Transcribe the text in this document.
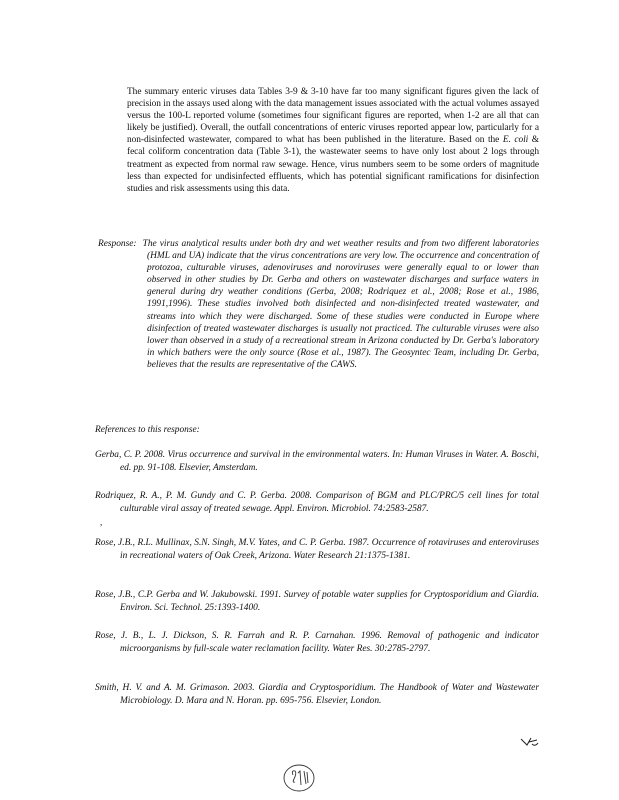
The summary enteric viruses data Tables 3-9 & 3-10 have far too many significant figures given the lack of precision in the assays used along with the data management issues associated with the actual volumes assayed versus the 100-L reported volume (sometimes four significant figures are reported, when 1-2 are all that can likely be justified). Overall, the outfall concentrations of enteric viruses reported appear low, particularly for a non-disinfected wastewater, compared to what has been published in the literature. Based on the E. coli & fecal coliform concentration data (Table 3-1), the wastewater seems to have only lost about 2 logs through treatment as expected from normal raw sewage. Hence, virus numbers seem to be some orders of magnitude less than expected for undisinfected effluents, which has potential significant ramifications for disinfection studies and risk assessments using this data.
Response: The virus analytical results under both dry and wet weather results and from two different laboratories (HML and UA) indicate that the virus concentrations are very low. The occurrence and concentration of protozoa, culturable viruses, adenoviruses and noroviruses were generally equal to or lower than observed in other studies by Dr. Gerba and others on wastewater discharges and surface waters in general during dry weather conditions (Gerba, 2008; Rodriquez et al., 2008; Rose et al., 1986, 1991,1996). These studies involved both disinfected and non-disinfected treated wastewater, and streams into which they were discharged. Some of these studies were conducted in Europe where disinfection of treated wastewater discharges is usually not practiced. The culturable viruses were also lower than observed in a study of a recreational stream in Arizona conducted by Dr. Gerba's laboratory in which bathers were the only source (Rose et al., 1987). The Geosyntec Team, including Dr. Gerba, believes that the results are representative of the CAWS.
References to this response:
Gerba, C. P. 2008. Virus occurrence and survival in the environmental waters. In: Human Viruses in Water. A. Boschi, ed. pp. 91-108. Elsevier, Amsterdam.
Rodriquez, R. A., P. M. Gundy and C. P. Gerba. 2008. Comparison of BGM and PLC/PRC/5 cell lines for total culturable viral assay of treated sewage. Appl. Environ. Microbiol. 74:2583-2587.
,
Rose, J.B., R.L. Mullinax, S.N. Singh, M.V. Yates, and C. P. Gerba. 1987. Occurrence of rotaviruses and enteroviruses in recreational waters of Oak Creek, Arizona. Water Research 21:1375-1381.
Rose, J.B., C.P. Gerba and W. Jakubowski. 1991. Survey of potable water supplies for Cryptosporidium and Giardia. Environ. Sci. Technol. 25:1393-1400.
Rose, J. B., L. J. Dickson, S. R. Farrah and R. P. Carnahan. 1996. Removal of pathogenic and indicator microorganisms by full-scale water reclamation facility. Water Res. 30:2785-2797.
Smith, H. V. and A. M. Grimason. 2003. Giardia and Cryptosporidium. The Handbook of Water and Wastewater Microbiology. D. Mara and N. Horan. pp. 695-756. Elsevier, London.
